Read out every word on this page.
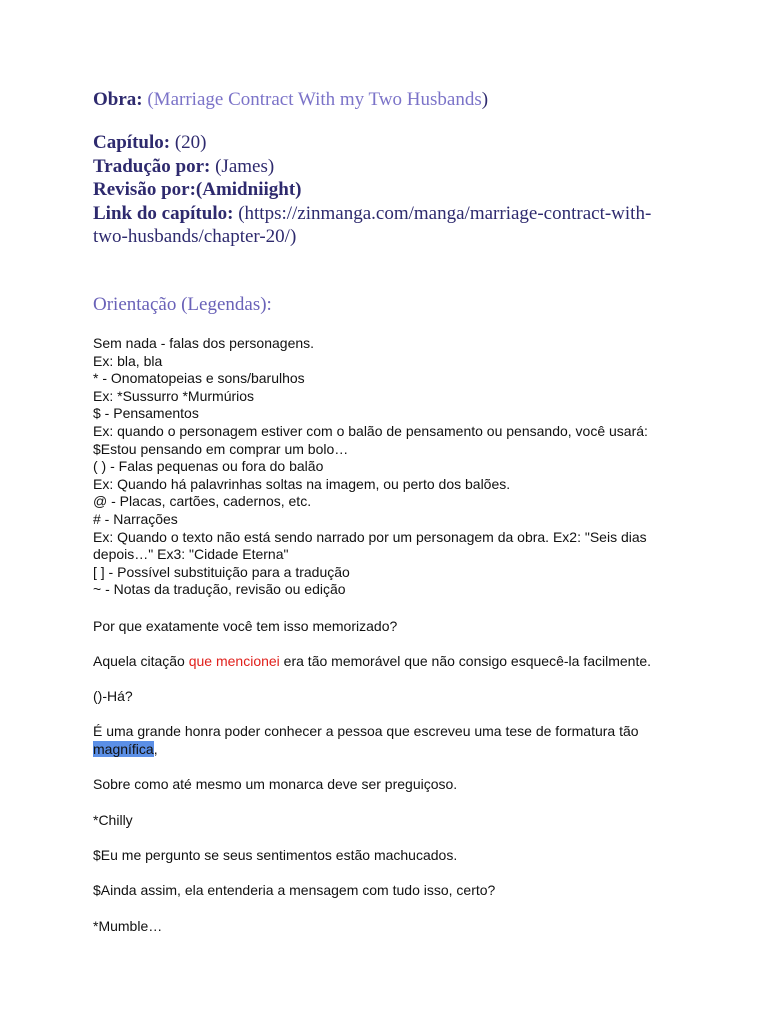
Obra: (Marriage Contract With my Two Husbands)
Capítulo: (20)
Tradução por: (James)
Revisão por:(Amidniight)
Link do capítulo: (https://zinmanga.com/manga/marriage-contract-with-two-husbands/chapter-20/)
Orientação (Legendas):
Sem nada - falas dos personagens.
Ex: bla, bla
* - Onomatopeias e sons/barulhos
Ex: *Sussurro *Murmúrios
$ - Pensamentos
Ex: quando o personagem estiver com o balão de pensamento ou pensando, você usará:
$Estou pensando em comprar um bolo…
( ) - Falas pequenas ou fora do balão
Ex: Quando há palavrinhas soltas na imagem, ou perto dos balões.
@ - Placas, cartões, cadernos, etc.
# - Narrações
Ex: Quando o texto não está sendo narrado por um personagem da obra. Ex2: "Seis dias depois…" Ex3: "Cidade Eterna"
[ ] - Possível substituição para a tradução
~ - Notas da tradução, revisão ou edição
Por que exatamente você tem isso memorizado?
Aquela citação que mencionei era tão memorável que não consigo esquecê-la facilmente.
()-Há?
É uma grande honra poder conhecer a pessoa que escreveu uma tese de formatura tão magnífica,
Sobre como até mesmo um monarca deve ser preguiçoso.
*Chilly
$Eu me pergunto se seus sentimentos estão machucados.
$Ainda assim, ela entenderia a mensagem com tudo isso, certo?
*Mumble…
